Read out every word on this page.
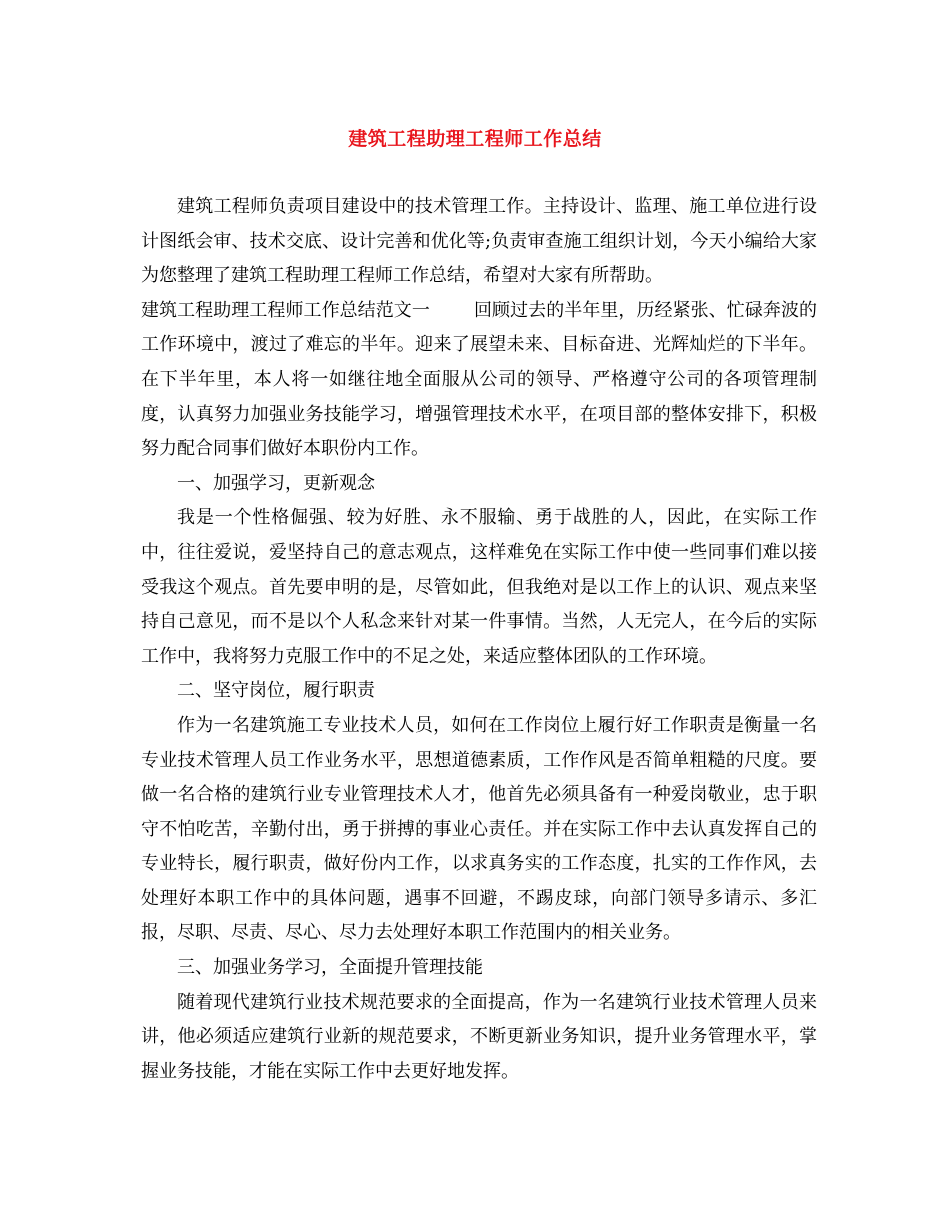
建筑工程助理工程师工作总结

建筑工程师负责项目建设中的技术管理工作。主持设计、监理、施工单位进行设计图纸会审、技术交底、设计完善和优化等;负责审查施工组织计划，今天小编给大家为您整理了建筑工程助理工程师工作总结，希望对大家有所帮助。

建筑工程助理工程师工作总结范文一 回顾过去的半年里，历经紧张、忙碌奔波的工作环境中，渡过了难忘的半年。迎来了展望未来、目标奋进、光辉灿烂的下半年。在下半年里，本人将一如继往地全面服从公司的领导、严格遵守公司的各项管理制度，认真努力加强业务技能学习，增强管理技术水平，在项目部的整体安排下，积极努力配合同事们做好本职份内工作。

一、加强学习，更新观念

我是一个性格倔强、较为好胜、永不服输、勇于战胜的人，因此，在实际工作中，往往爱说，爱坚持自己的意志观点，这样难免在实际工作中使一些同事们难以接受我这个观点。首先要申明的是，尽管如此，但我绝对是以工作上的认识、观点来坚持自己意见，而不是以个人私念来针对某一件事情。当然，人无完人，在今后的实际工作中，我将努力克服工作中的不足之处，来适应整体团队的工作环境。

二、坚守岗位，履行职责

作为一名建筑施工专业技术人员，如何在工作岗位上履行好工作职责是衡量一名专业技术管理人员工作业务水平，思想道德素质，工作作风是否简单粗糙的尺度。要做一名合格的建筑行业专业管理技术人才，他首先必须具备有一种爱岗敬业，忠于职守不怕吃苦，辛勤付出，勇于拼搏的事业心责任。并在实际工作中去认真发挥自己的专业特长，履行职责，做好份内工作，以求真务实的工作态度，扎实的工作作风，去处理好本职工作中的具体问题，遇事不回避，不踢皮球，向部门领导多请示、多汇报，尽职、尽责、尽心、尽力去处理好本职工作范围内的相关业务。

三、加强业务学习，全面提升管理技能

随着现代建筑行业技术规范要求的全面提高，作为一名建筑行业技术管理人员来讲，他必须适应建筑行业新的规范要求，不断更新业务知识，提升业务管理水平，掌握业务技能，才能在实际工作中去更好地发挥。
